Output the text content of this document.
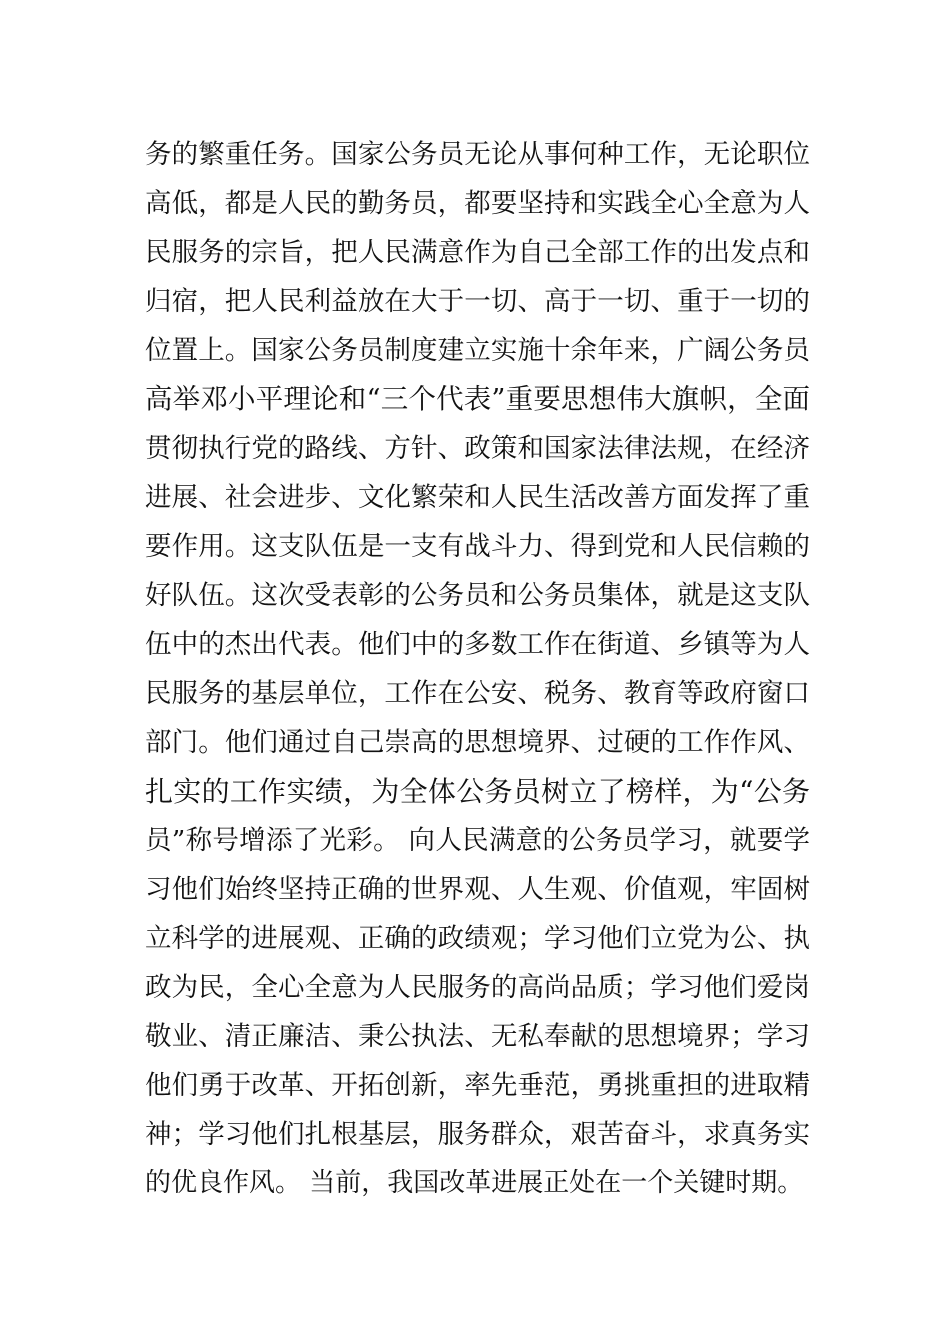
务的繁重任务。国家公务员无论从事何种工作，无论职位
高低，都是人民的勤务员，都要坚持和实践全心全意为人
民服务的宗旨，把人民满意作为自己全部工作的出发点和
归宿，把人民利益放在大于一切、高于一切、重于一切的
位置上。国家公务员制度建立实施十余年来，广阔公务员
高举邓小平理论和“三个代表”重要思想伟大旗帜，全面
贯彻执行党的路线、方针、政策和国家法律法规，在经济
进展、社会进步、文化繁荣和人民生活改善方面发挥了重
要作用。这支队伍是一支有战斗力、得到党和人民信赖的
好队伍。这次受表彰的公务员和公务员集体，就是这支队
伍中的杰出代表。他们中的多数工作在街道、乡镇等为人
民服务的基层单位，工作在公安、税务、教育等政府窗口
部门。他们通过自己崇高的思想境界、过硬的工作作风、
扎实的工作实绩，为全体公务员树立了榜样，为“公务
员”称号增添了光彩。 向人民满意的公务员学习，就要学
习他们始终坚持正确的世界观、人生观、价值观，牢固树
立科学的进展观、正确的政绩观；学习他们立党为公、执
政为民，全心全意为人民服务的高尚品质；学习他们爱岗
敬业、清正廉洁、秉公执法、无私奉献的思想境界；学习
他们勇于改革、开拓创新，率先垂范，勇挑重担的进取精
神；学习他们扎根基层，服务群众，艰苦奋斗，求真务实
的优良作风。 当前，我国改革进展正处在一个关键时期。
